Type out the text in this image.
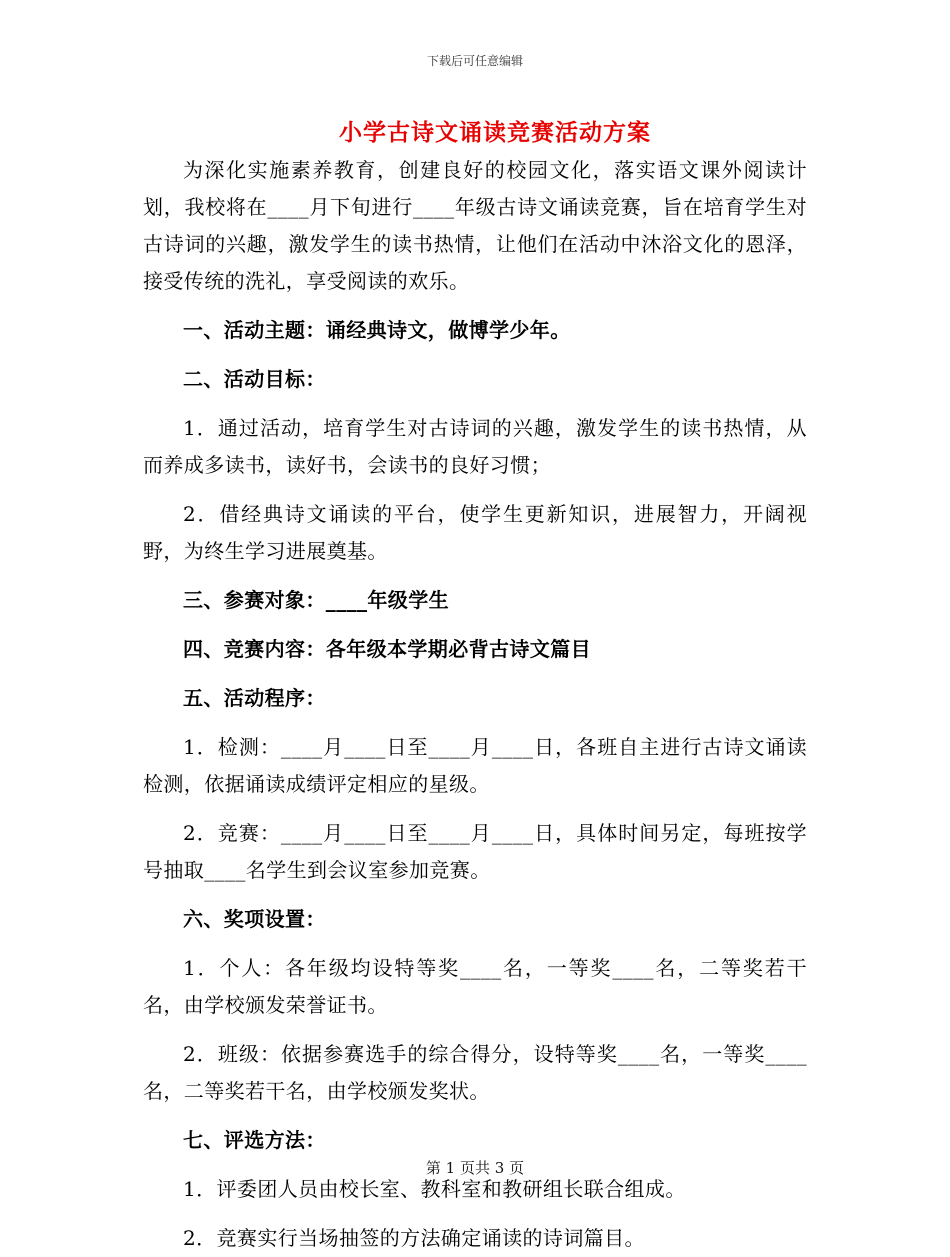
下载后可任意编辑
小学古诗文诵读竞赛活动方案

为深化实施素养教育，创建良好的校园文化，落实语文课外阅读计划，我校将在____月下旬进行____年级古诗文诵读竞赛，旨在培育学生对古诗词的兴趣，激发学生的读书热情，让他们在活动中沐浴文化的恩泽，接受传统的洗礼，享受阅读的欢乐。

一、活动主题：诵经典诗文，做博学少年。

二、活动目标：

1．通过活动，培育学生对古诗词的兴趣，激发学生的读书热情，从而养成多读书，读好书，会读书的良好习惯；

2．借经典诗文诵读的平台，使学生更新知识，进展智力，开阔视野，为终生学习进展奠基。

三、参赛对象：____年级学生

四、竞赛内容：各年级本学期必背古诗文篇目

五、活动程序：

1．检测：____月____日至____月____日，各班自主进行古诗文诵读检测，依据诵读成绩评定相应的星级。

2．竞赛：____月____日至____月____日，具体时间另定，每班按学号抽取____名学生到会议室参加竞赛。

六、奖项设置：

1．个人：各年级均设特等奖____名，一等奖____名，二等奖若干名，由学校颁发荣誉证书。

2．班级：依据参赛选手的综合得分，设特等奖____名，一等奖____名，二等奖若干名，由学校颁发奖状。

七、评选方法：

1．评委团人员由校长室、教科室和教研组长联合组成。

2．竞赛实行当场抽签的方法确定诵读的诗词篇目。

第 1 页共 3 页
